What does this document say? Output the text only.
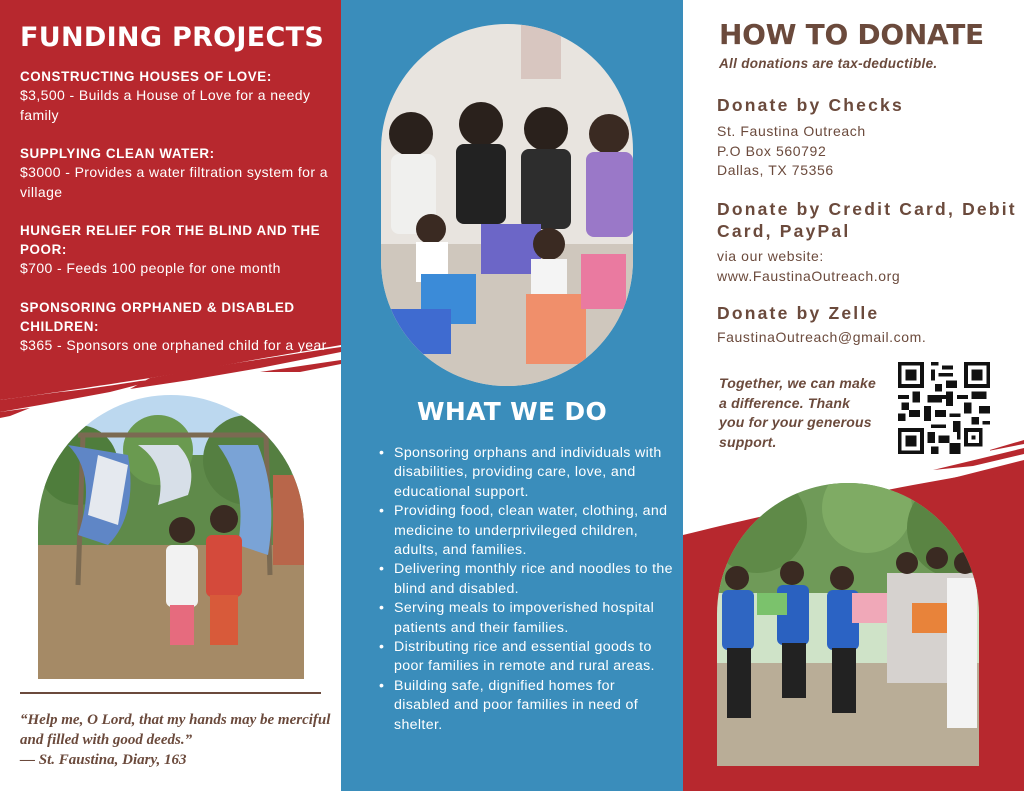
FUNDING PROJECTS
CONSTRUCTING HOUSES OF LOVE:
$3,500 - Builds a House of Love for a needy family
SUPPLYING CLEAN WATER:
$3000 - Provides a water filtration system for a village
HUNGER RELIEF FOR THE BLIND AND THE POOR:
$700 - Feeds 100 people for one month
SPONSORING ORPHANED & DISABLED CHILDREN:
$365 - Sponsors one orphaned child for a year
“Help me, O Lord, that my hands may be merciful and filled with good deeds.”
— St. Faustina, Diary, 163
WHAT WE DO
• Sponsoring orphans and individuals with disabilities, providing care, love, and educational support.
• Providing food, clean water, clothing, and medicine to underprivileged children, adults, and families.
• Delivering monthly rice and noodles to the blind and disabled.
• Serving meals to impoverished hospital patients and their families.
• Distributing rice and essential goods to poor families in remote and rural areas.
• Building safe, dignified homes for disabled and poor families in need of shelter.
HOW TO DONATE
All donations are tax-deductible.
Donate by Checks
St. Faustina Outreach
P.O Box 560792
Dallas, TX 75356
Donate by Credit Card, Debit Card, PayPal
via our website:
www.FaustinaOutreach.org
Donate by Zelle
FaustinaOutreach@gmail.com.
Together, we can make a difference. Thank you for your generous support.
